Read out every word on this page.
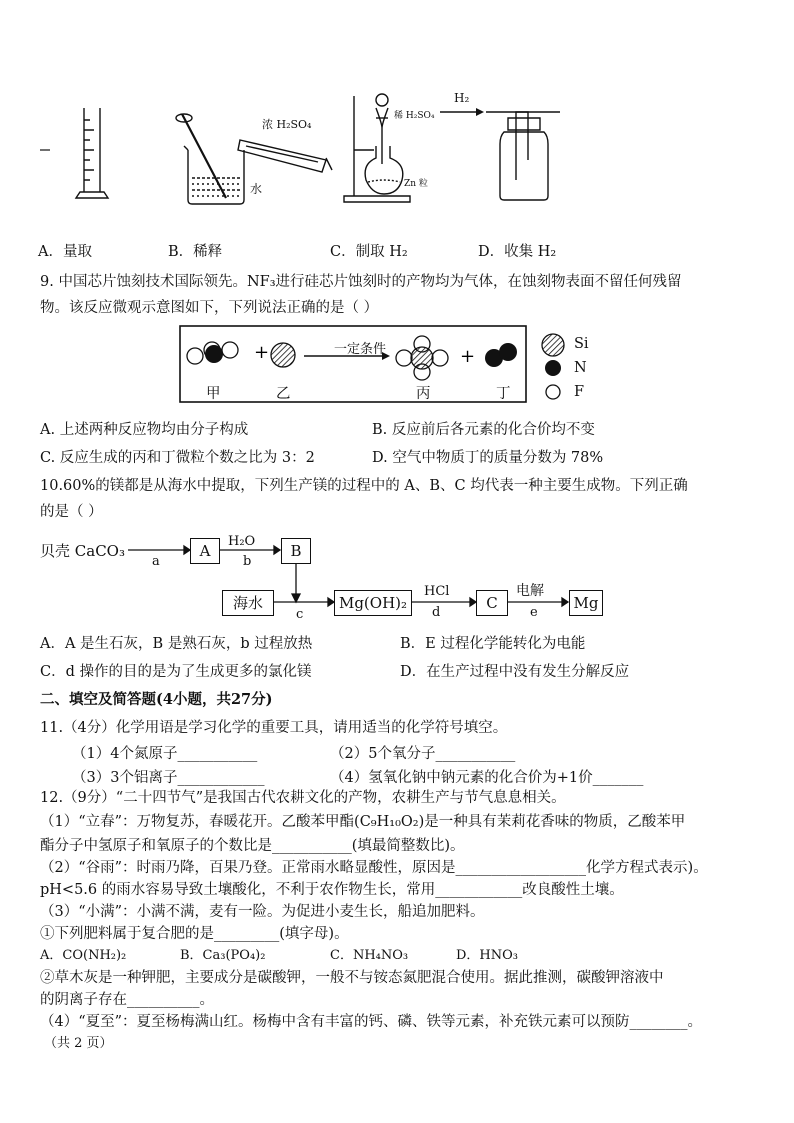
浓 H₂SO₄
水
稀 H₂SO₄
Zn 粒
H₂
A．量取	B．稀释	C．制取 H₂	D．收集 H₂
9. 中国芯片蚀刻技术国际领先。NF₃进行硅芯片蚀刻时的产物均为气体，在蚀刻物表面不留任何残留
物。该反应微观示意图如下，下列说法正确的是（ ）
+	+
一定条件
甲	乙	丙	丁
Si
N
F
A. 上述两种反应物均由分子构成	B. 反应前后各元素的化合价均不变
C. 反应生成的丙和丁微粒个数之比为 3：2	D. 空气中物质丁的质量分数为 78%
10.60%的镁都是从海水中提取，下列生产镁的过程中的 A、B、C 均代表一种主要生成物。下列正确
的是（ ）
贝壳 CaCO₃	A	B
海水	Mg(OH)₂	C	Mg
H₂O
HCl	电解
a	b
c	d	e
A．A 是生石灰，B 是熟石灰，b 过程放热	B．E 过程化学能转化为电能
C．d 操作的目的是为了生成更多的氯化镁	D．在生产过程中没有发生分解反应
二、填空及简答题(4小题，共27分)
11.（4分）化学用语是学习化学的重要工具，请用适当的化学符号填空。
（1）4个氮原子___________	（2）5个氧分子___________
（3）3个铝离子____________	（4）氢氧化钠中钠元素的化合价为+1价_______
12.（9分）“二十四节气”是我国古代农耕文化的产物，农耕生产与节气息息相关。
（1）“立春”：万物复苏，春暖花开。乙酸苯甲酯(C₉H₁₀O₂)是一种具有茉莉花香味的物质，乙酸苯甲
酯分子中氢原子和氧原子的个数比是___________(填最简整数比)。
（2）“谷雨”：时雨乃降，百果乃登。正常雨水略显酸性，原因是__________________化学方程式表示)。
pH<5.6 的雨水容易导致土壤酸化，不利于农作物生长，常用____________改良酸性土壤。
（3）“小满”：小满不满，麦有一险。为促进小麦生长，船追加肥料。
①下列肥料属于复合肥的是_________(填字母)。
A．CO(NH₂)₂	B．Ca₃(PO₄)₂	C．NH₄NO₃	D．HNO₃
②草木灰是一种钾肥，主要成分是碳酸钾，一般不与铵态氮肥混合使用。据此推测，碳酸钾溶液中
的阴离子存在__________。
（4）“夏至”：夏至杨梅满山红。杨梅中含有丰富的钙、磷、铁等元素，补充铁元素可以预防________。
（共 2 页）
